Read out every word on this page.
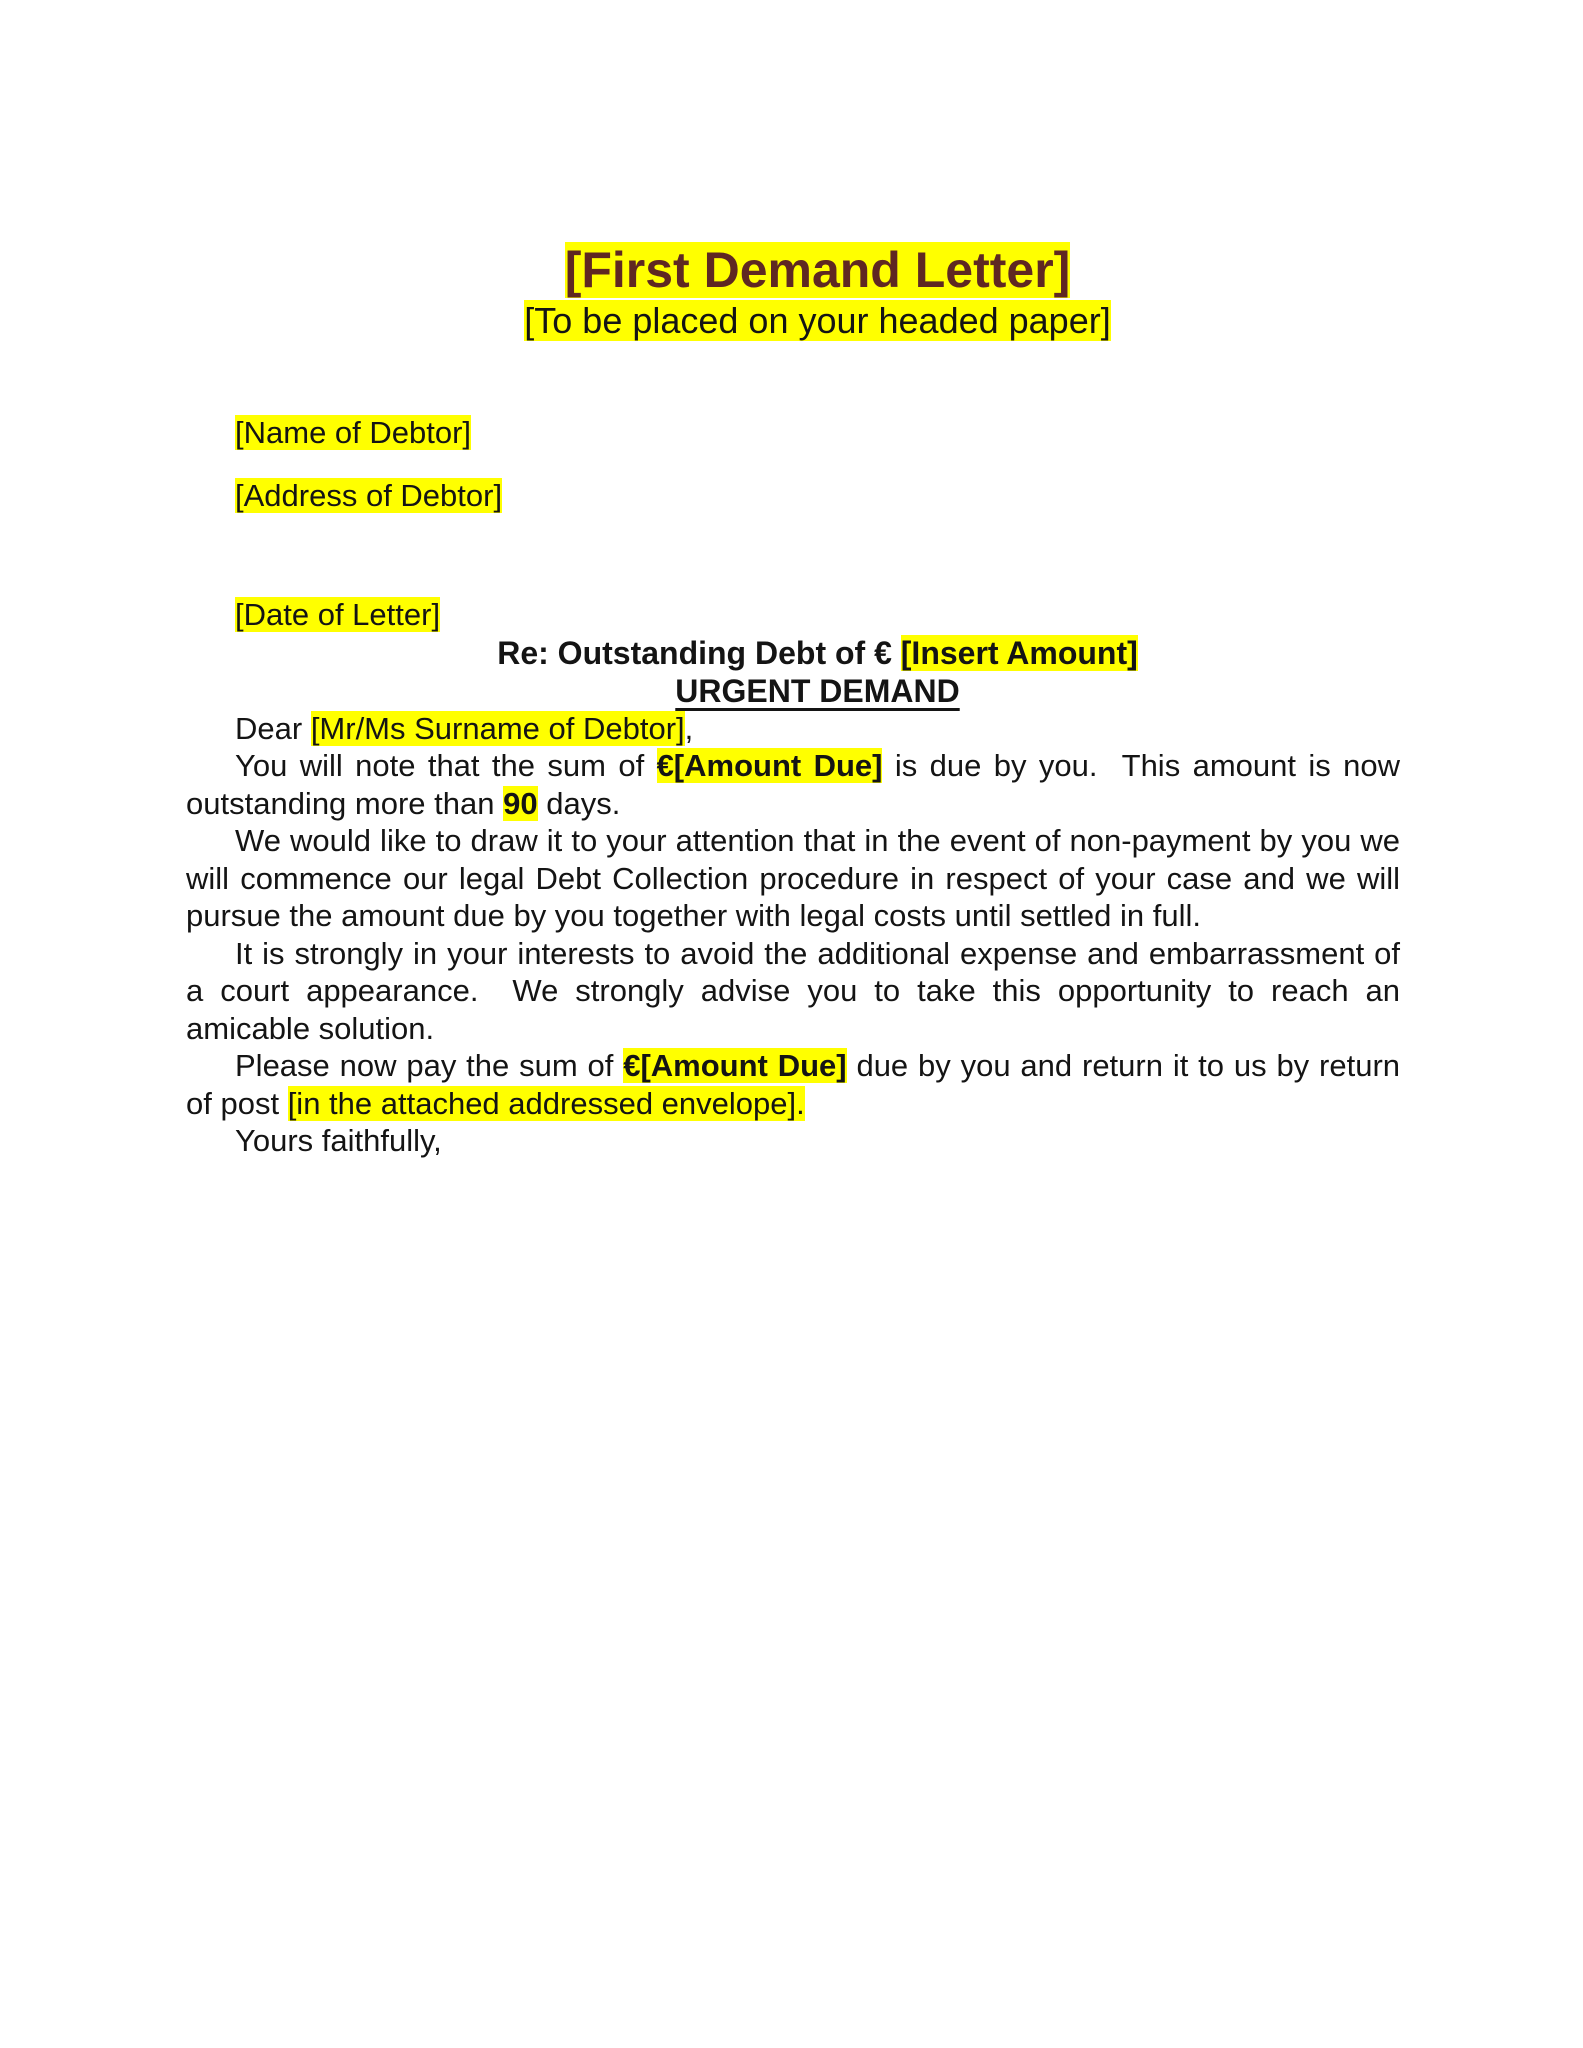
[First Demand Letter]

[To be placed on your headed paper]

[Name of Debtor]

[Address of Debtor]

[Date of Letter]

Re: Outstanding Debt of € [Insert Amount]

URGENT DEMAND

Dear [Mr/Ms Surname of Debtor],

You will note that the sum of €[Amount Due] is due by you.  This amount is now outstanding more than 90 days.

We would like to draw it to your attention that in the event of non-payment by you we will commence our legal Debt Collection procedure in respect of your case and we will pursue the amount due by you together with legal costs until settled in full.

It is strongly in your interests to avoid the additional expense and embarrassment of a court appearance.  We strongly advise you to take this opportunity to reach an amicable solution.

Please now pay the sum of €[Amount Due] due by you and return it to us by return of post [in the attached addressed envelope].

Yours faithfully,
